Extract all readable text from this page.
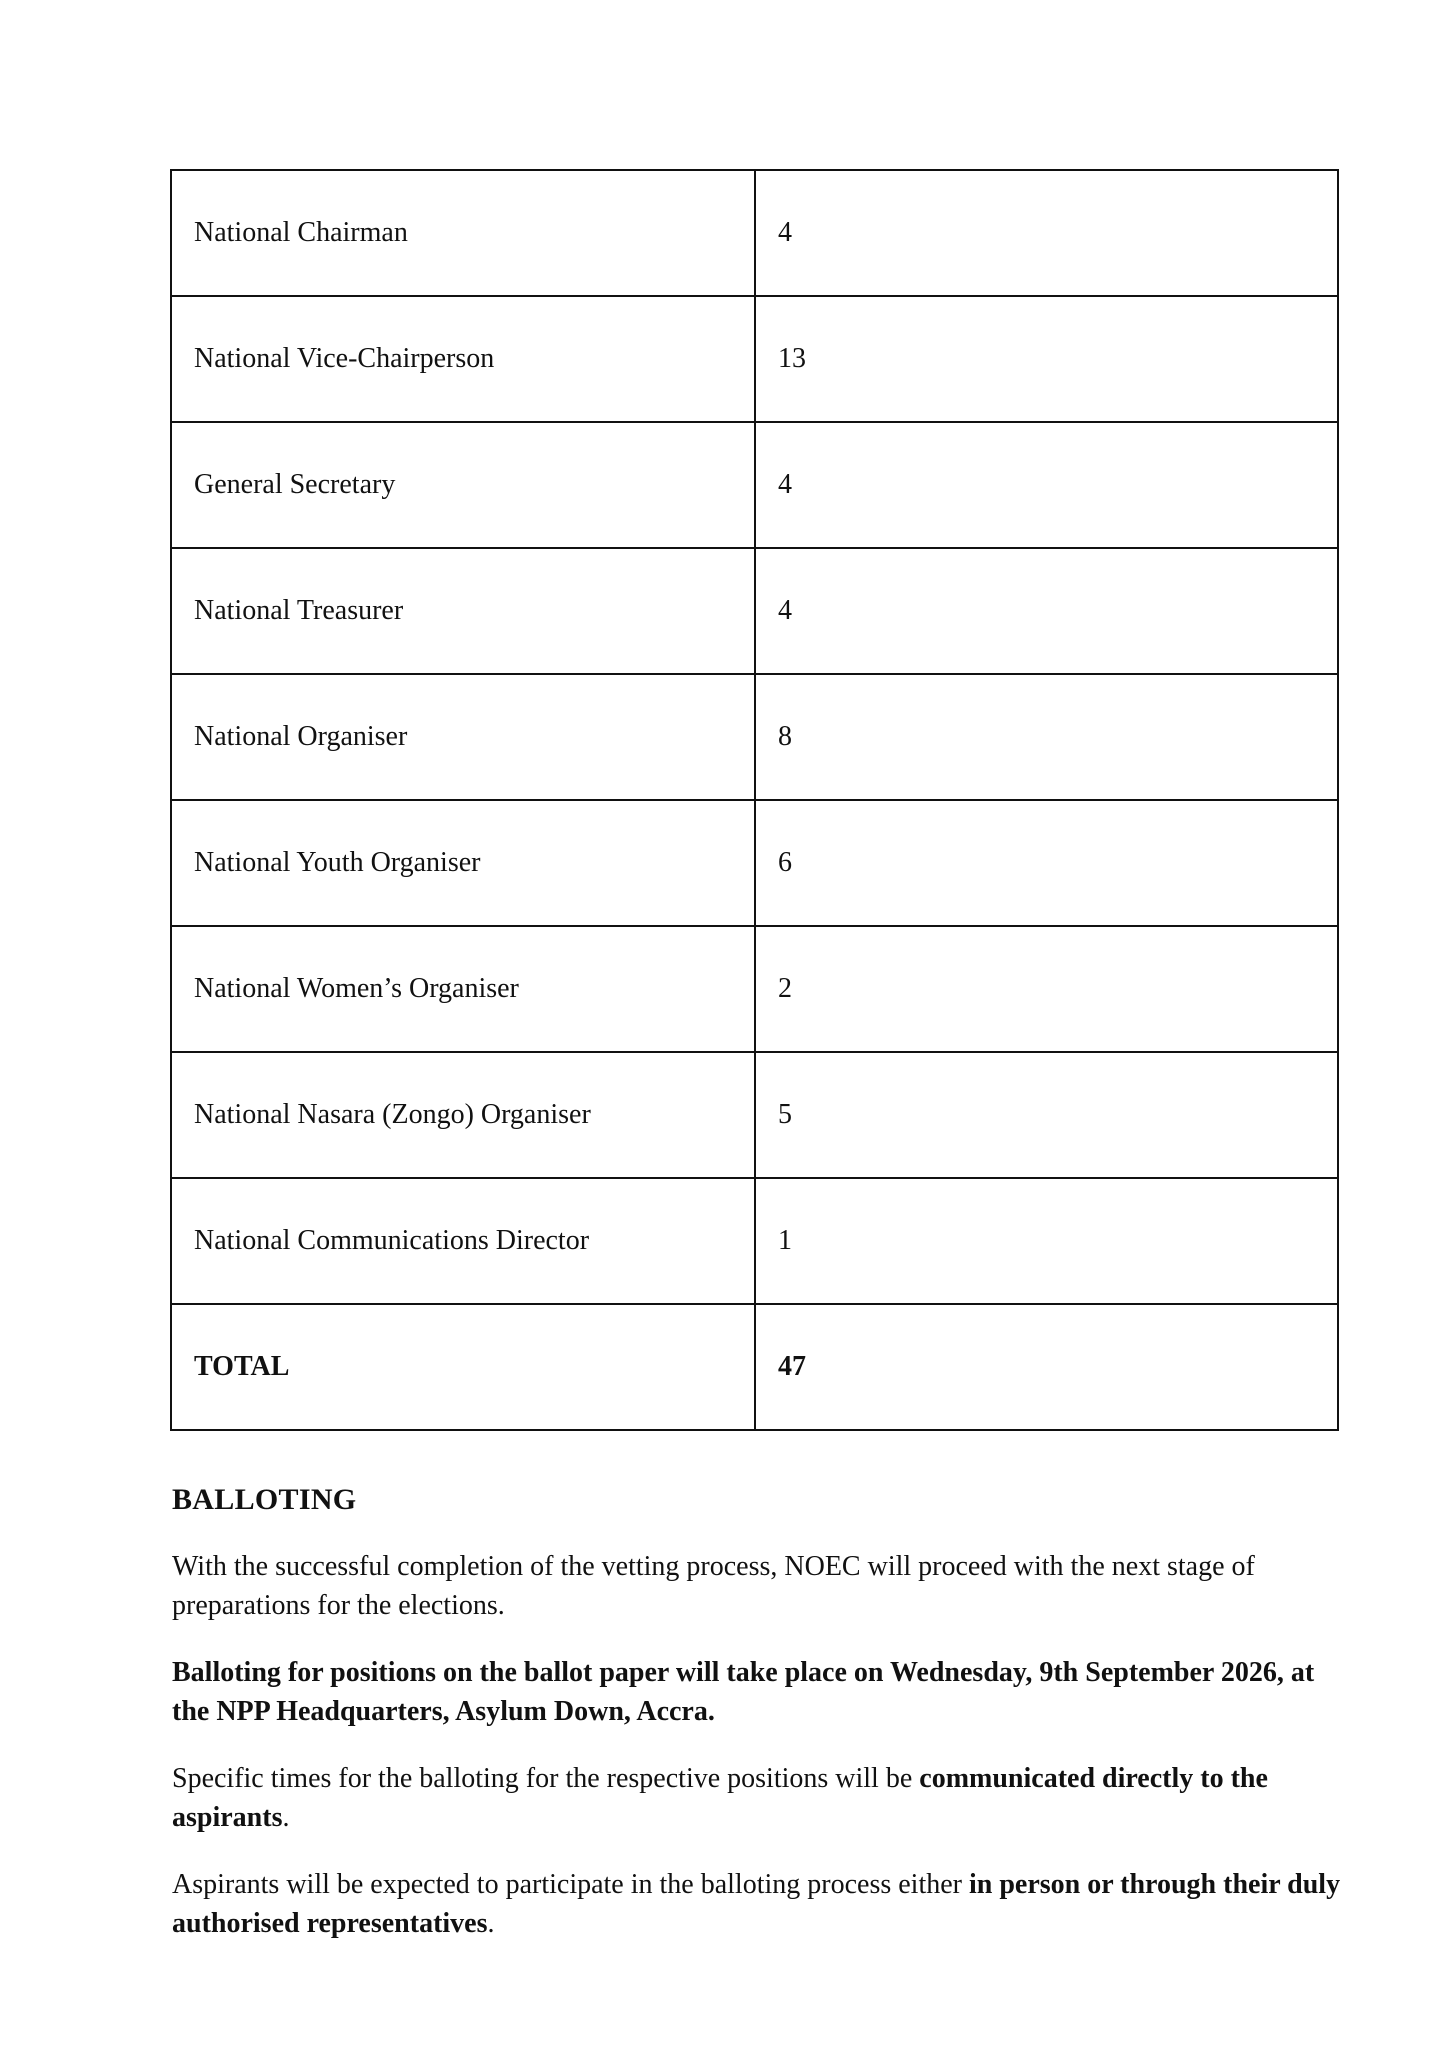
National Chairman	4
National Vice-Chairperson	13
General Secretary	4
National Treasurer	4
National Organiser	8
National Youth Organiser	6
National Women’s Organiser	2
National Nasara (Zongo) Organiser	5
National Communications Director	1
TOTAL	47
BALLOTING

With the successful completion of the vetting process, NOEC will proceed with the next stage of preparations for the elections.

Balloting for positions on the ballot paper will take place on Wednesday, 9th September 2026, at the NPP Headquarters, Asylum Down, Accra.

Specific times for the balloting for the respective positions will be communicated directly to the aspirants.

Aspirants will be expected to participate in the balloting process either in person or through their duly authorised representatives.
